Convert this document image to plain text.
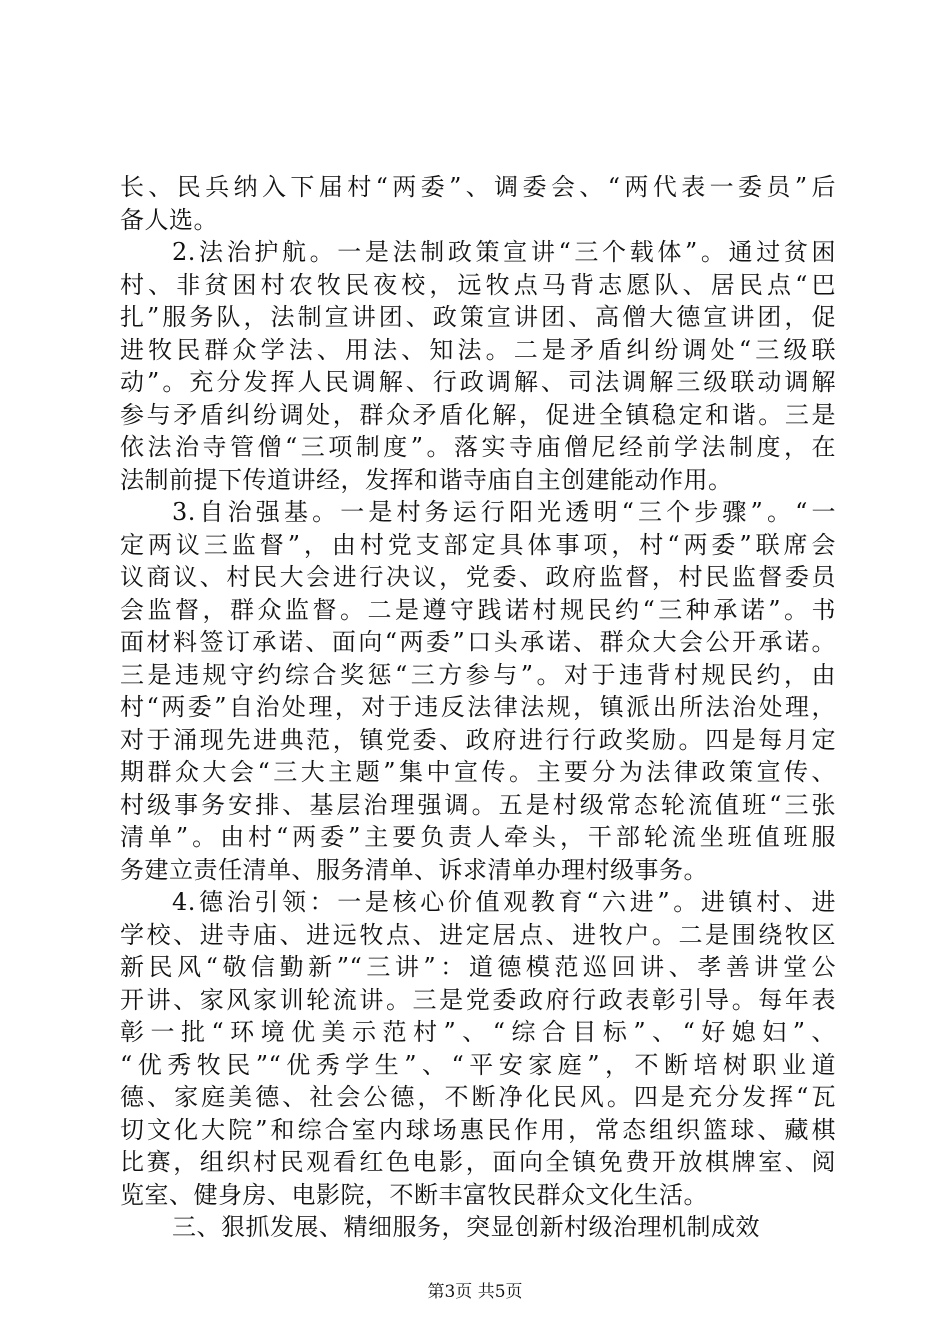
长、民兵纳入下届村“两委”、调委会、“两代表一委员”后
备人选。
2.法治护航。一是法制政策宣讲“三个载体”。通过贫困
村、非贫困村农牧民夜校，远牧点马背志愿队、居民点“巴
扎”服务队，法制宣讲团、政策宣讲团、高僧大德宣讲团，促
进牧民群众学法、用法、知法。二是矛盾纠纷调处“三级联
动”。充分发挥人民调解、行政调解、司法调解三级联动调解
参与矛盾纠纷调处，群众矛盾化解，促进全镇稳定和谐。三是
依法治寺管僧“三项制度”。落实寺庙僧尼经前学法制度，在
法制前提下传道讲经，发挥和谐寺庙自主创建能动作用。
3.自治强基。一是村务运行阳光透明“三个步骤”。“一
定两议三监督”，由村党支部定具体事项，村“两委”联席会
议商议、村民大会进行决议，党委、政府监督，村民监督委员
会监督，群众监督。二是遵守践诺村规民约“三种承诺”。书
面材料签订承诺、面向“两委”口头承诺、群众大会公开承诺。
三是违规守约综合奖惩“三方参与”。对于违背村规民约，由
村“两委”自治处理，对于违反法律法规，镇派出所法治处理，
对于涌现先进典范，镇党委、政府进行行政奖励。四是每月定
期群众大会“三大主题”集中宣传。主要分为法律政策宣传、
村级事务安排、基层治理强调。五是村级常态轮流值班“三张
清单”。由村“两委”主要负责人牵头，干部轮流坐班值班服
务建立责任清单、服务清单、诉求清单办理村级事务。
4.德治引领：一是核心价值观教育“六进”。进镇村、进
学校、进寺庙、进远牧点、进定居点、进牧户。二是围绕牧区
新民风“敬信勤新”“三讲”：道德模范巡回讲、孝善讲堂公
开讲、家风家训轮流讲。三是党委政府行政表彰引导。每年表
彰一批“环境优美示范村”、“综合目标”、“好媳妇”、
“优秀牧民”“优秀学生”、“平安家庭”，不断培树职业道
德、家庭美德、社会公德，不断净化民风。四是充分发挥“瓦
切文化大院”和综合室内球场惠民作用，常态组织篮球、藏棋
比赛，组织村民观看红色电影，面向全镇免费开放棋牌室、阅
览室、健身房、电影院，不断丰富牧民群众文化生活。
三、狠抓发展、精细服务，突显创新村级治理机制成效
第3页 共5页
